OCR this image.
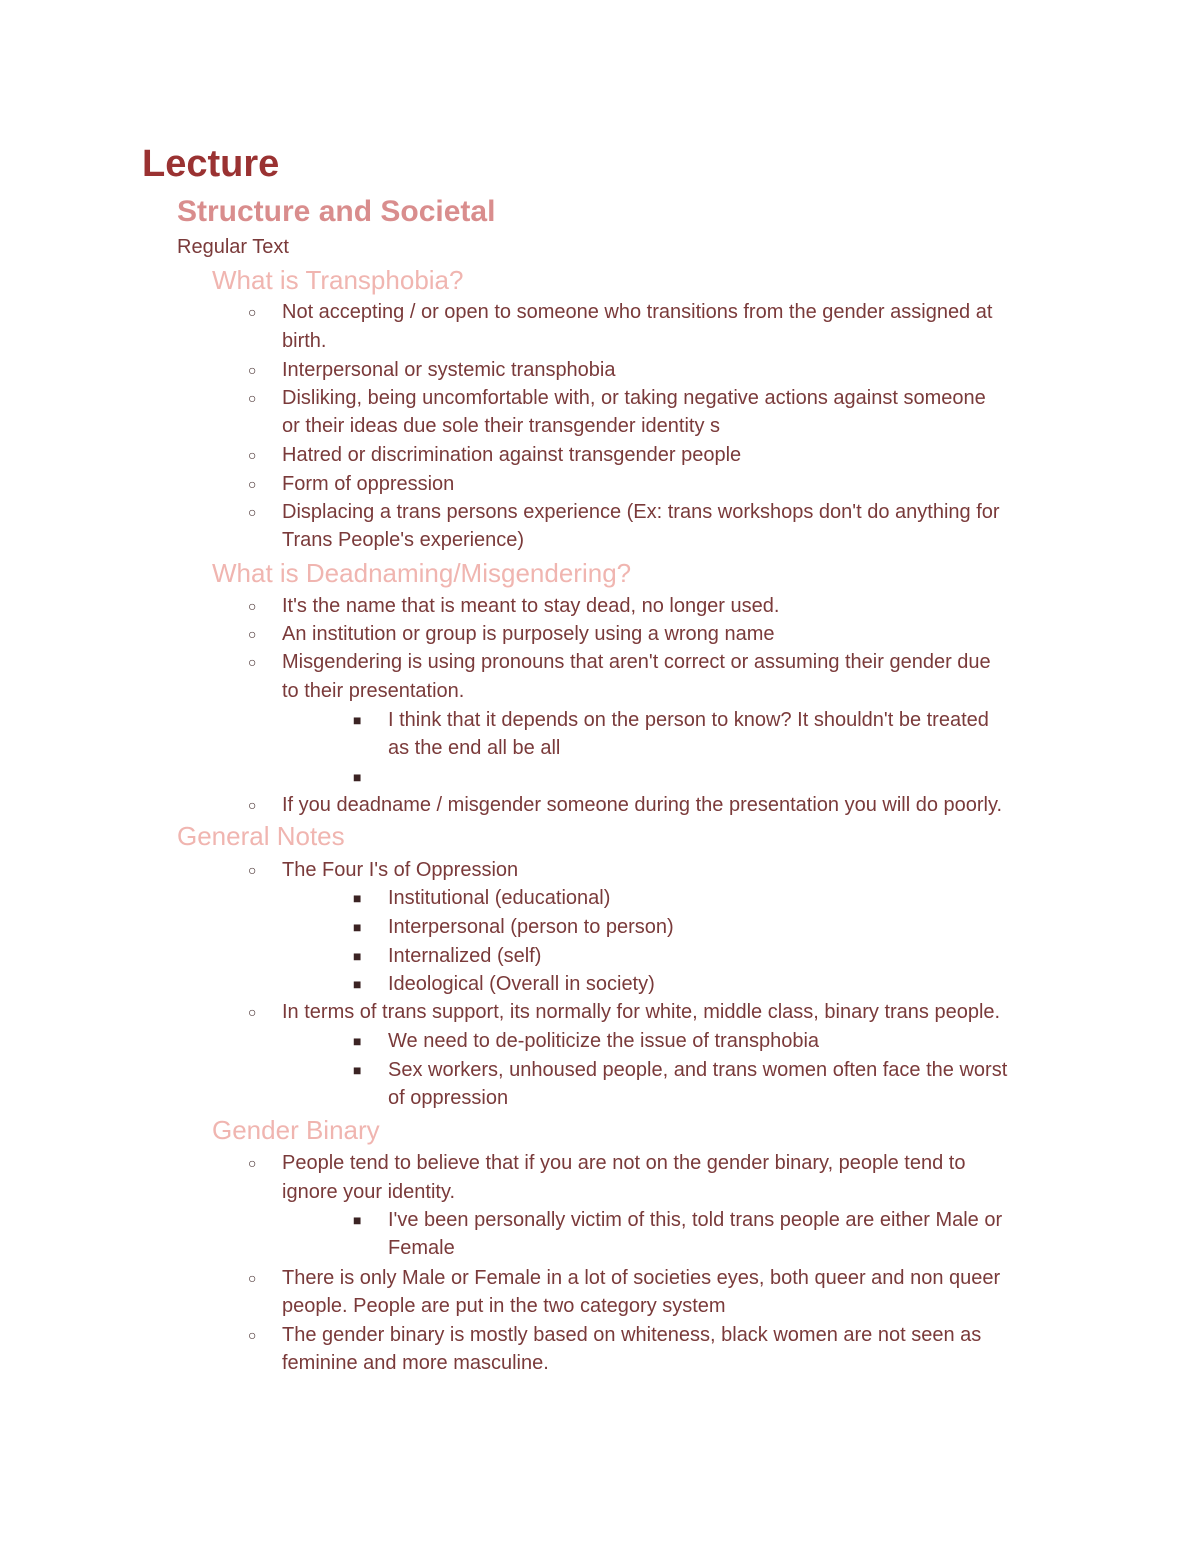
Lecture
Structure and Societal
Regular Text
What is Transphobia?
○ Not accepting / or open to someone who transitions from the gender assigned at
birth.
○ Interpersonal or systemic transphobia
○ Disliking, being uncomfortable with, or taking negative actions against someone
or their ideas due sole their transgender identity s
○ Hatred or discrimination against transgender people
○ Form of oppression
○ Displacing a trans persons experience (Ex: trans workshops don't do anything for
Trans People's experience)
What is Deadnaming/Misgendering?
○ It's the name that is meant to stay dead, no longer used.
○ An institution or group is purposely using a wrong name
○ Misgendering is using pronouns that aren't correct or assuming their gender due
to their presentation.
■ I think that it depends on the person to know? It shouldn't be treated
as the end all be all
■
○ If you deadname / misgender someone during the presentation you will do poorly.
General Notes
○ The Four I's of Oppression
■ Institutional (educational)
■ Interpersonal (person to person)
■ Internalized (self)
■ Ideological (Overall in society)
○ In terms of trans support, its normally for white, middle class, binary trans people.
■ We need to de-politicize the issue of transphobia
■ Sex workers, unhoused people, and trans women often face the worst
of oppression
Gender Binary
○ People tend to believe that if you are not on the gender binary, people tend to
ignore your identity.
■ I've been personally victim of this, told trans people are either Male or
Female
○ There is only Male or Female in a lot of societies eyes, both queer and non queer
people. People are put in the two category system
○ The gender binary is mostly based on whiteness, black women are not seen as
feminine and more masculine.
